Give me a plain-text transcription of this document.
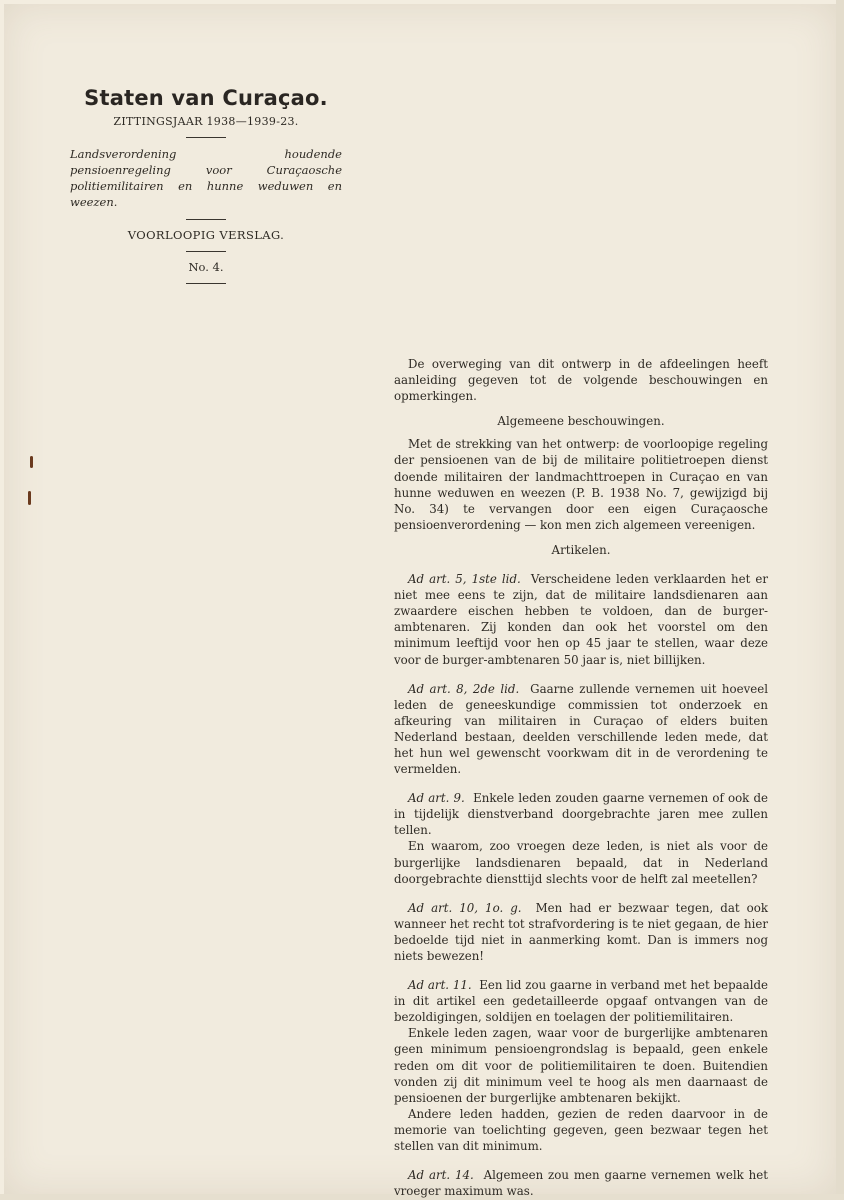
Staten van Curaçao.
ZITTINGSJAAR 1938—1939-23.
Landsverordening houdende pensioenregeling voor Curaçaosche politiemilitairen en hunne weduwen en weezen.
VOORLOOPIG VERSLAG.
No. 4.

De overweging van dit ontwerp in de afdeelingen heeft aanleiding gegeven tot de volgende beschouwingen en opmerkingen.

Algemeene beschouwingen.

Met de strekking van het ontwerp: de voorloopige regeling der pensioenen van de bij de militaire politietroepen dienst doende militairen der landmachttroepen in Curaçao en van hunne weduwen en weezen (P. B. 1938 No. 7, gewijzigd bij No. 34) te vervangen door een eigen Curaçaosche pensioenverordening — kon men zich algemeen vereenigen.

Artikelen.

Ad art. 5, 1ste lid. Verscheidene leden verklaarden het er niet mee eens te zijn, dat de militaire landsdienaren aan zwaardere eischen hebben te voldoen, dan de burger-ambtenaren. Zij konden dan ook het voorstel om den minimum leeftijd voor hen op 45 jaar te stellen, waar deze voor de burger-ambtenaren 50 jaar is, niet billijken.

Ad art. 8, 2de lid. Gaarne zullende vernemen uit hoeveel leden de geneeskundige commissien tot onderzoek en afkeuring van militairen in Curaçao of elders buiten Nederland bestaan, deelden verschillende leden mede, dat het hun wel gewenscht voorkwam dit in de verordening te vermelden.

Ad art. 9. Enkele leden zouden gaarne vernemen of ook de in tijdelijk dienstverband doorgebrachte jaren mee zullen tellen.

En waarom, zoo vroegen deze leden, is niet als voor de burgerlijke landsdienaren bepaald, dat in Nederland doorgebrachte diensttijd slechts voor de helft zal meetellen?

Ad art. 10, 1o. g. Men had er bezwaar tegen, dat ook wanneer het recht tot strafvordering is te niet gegaan, de hier bedoelde tijd niet in aanmerking komt. Dan is immers nog niets bewezen!

Ad art. 11. Een lid zou gaarne in verband met het bepaalde in dit artikel een gedetailleerde opgaaf ontvangen van de bezoldigingen, soldijen en toelagen der politiemilitairen.

Enkele leden zagen, waar voor de burgerlijke ambtenaren geen minimum pensioengrondslag is bepaald, geen enkele reden om dit voor de politiemilitairen te doen. Buitendien vonden zij dit minimum veel te hoog als men daarnaast de pensioenen der burgerlijke ambtenaren bekijkt.

Andere leden hadden, gezien de reden daarvoor in de memorie van toelichting gegeven, geen bezwaar tegen het stellen van dit minimum.

Ad art. 14. Algemeen zou men gaarne vernemen welk het vroeger maximum was.
